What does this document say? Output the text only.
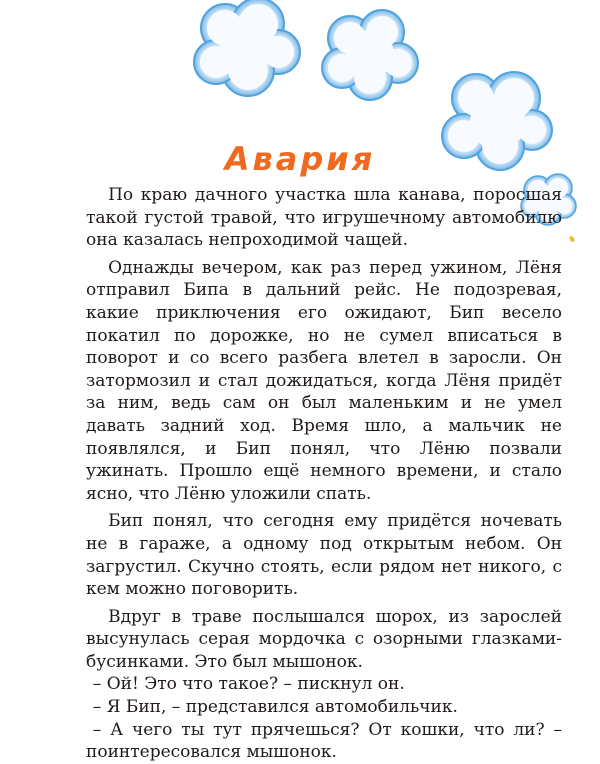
Авария

По краю дачного участка шла канава, поросшая такой густой травой, что игрушечному автомобилю она казалась непроходимой чащей.

Однажды вечером, как раз перед ужином, Лёня отправил Бипа в дальний рейс. Не подозревая, какие приключения его ожидают, Бип весело покатил по дорожке, но не сумел вписаться в поворот и со всего разбега влетел в заросли. Он затормозил и стал дожидаться, когда Лёня придёт за ним, ведь сам он был маленьким и не умел давать задний ход. Время шло, а мальчик не появлялся, и Бип понял, что Лёню позвали ужинать. Прошло ещё немного времени, и стало ясно, что Лёню уложили спать.

Бип понял, что сегодня ему придётся ночевать не в гараже, а одному под открытым небом. Он загрустил. Скучно стоять, если рядом нет никого, с кем можно поговорить.

Вдруг в траве послышался шорох, из зарослей высунулась серая мордочка с озорными глазками-бусинками. Это был мышонок.

– Ой! Это что такое? – пискнул он.

– Я Бип, – представился автомобильчик.

– А чего ты тут прячешься? От кошки, что ли? – поинтересовался мышонок.
